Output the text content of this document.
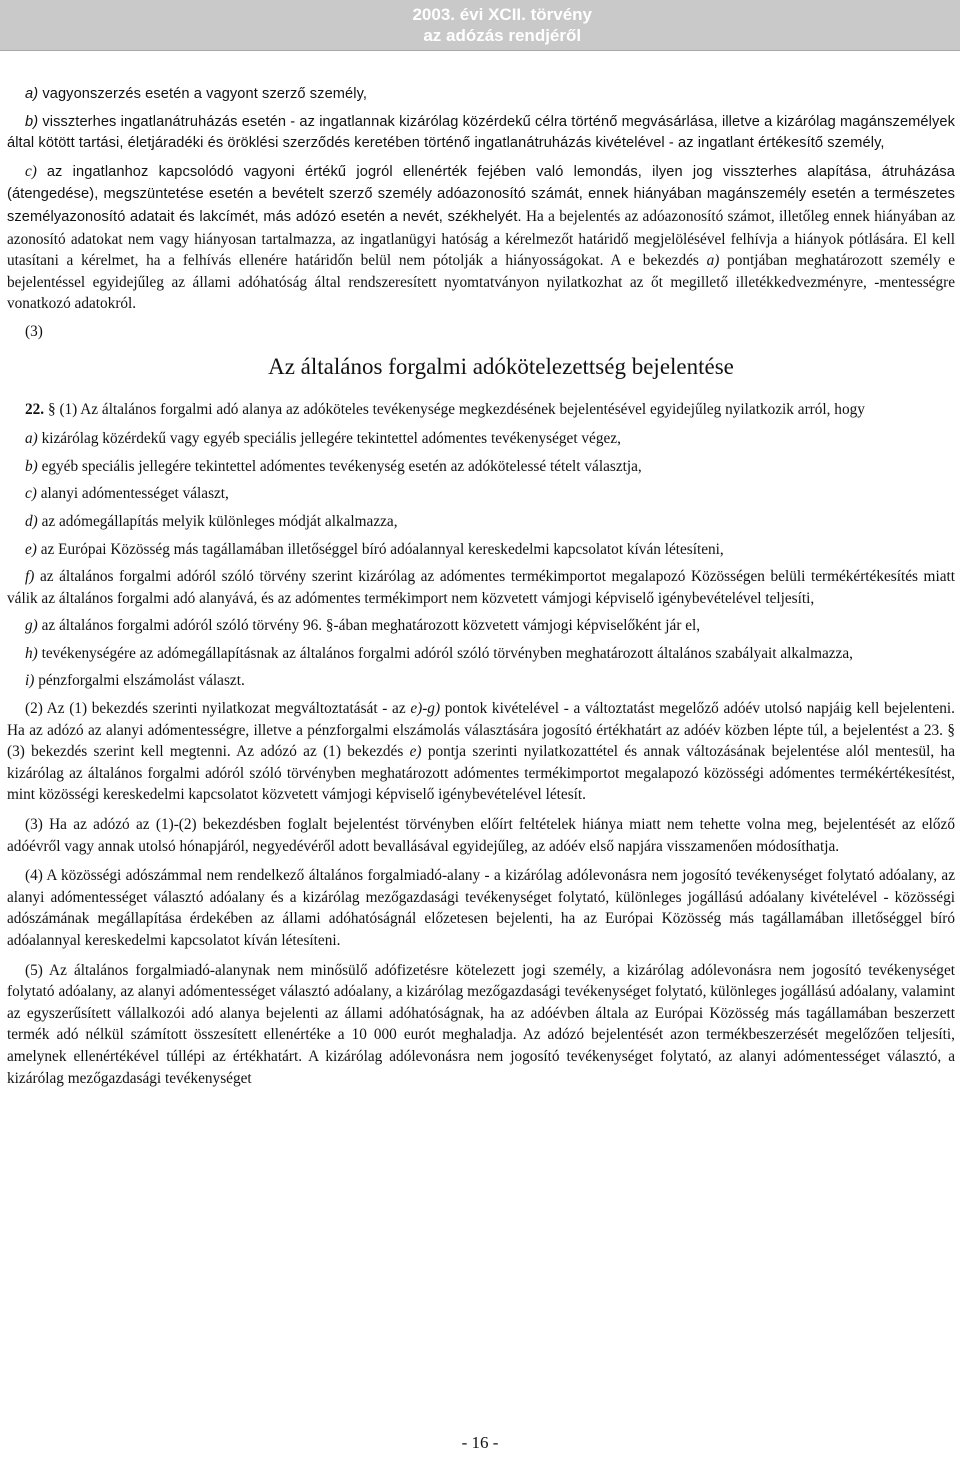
2003. évi XCII. törvény
az adózás rendjéről

a) vagyonszerzés esetén a vagyont szerző személy,

b) visszterhes ingatlanátruházás esetén - az ingatlannak kizárólag közérdekű célra történő megvásárlása, illetve a kizárólag magánszemélyek által kötött tartási, életjáradéki és öröklési szerződés keretében történő ingatlanátruházás kivételével - az ingatlant értékesítő személy,

c) az ingatlanhoz kapcsolódó vagyoni értékű jogról ellenérték fejében való lemondás, ilyen jog visszterhes alapítása, átruházása (átengedése), megszüntetése esetén a bevételt szerző személy adóazonosító számát, ennek hiányában magánszemély esetén a természetes személyazonosító adatait és lakcímét, más adózó esetén a nevét, székhelyét. Ha a bejelentés az adóazonosító számot, illetőleg ennek hiányában az azonosító adatokat nem vagy hiányosan tartalmazza, az ingatlanügyi hatóság a kérelmezőt határidő megjelölésével felhívja a hiányok pótlására. El kell utasítani a kérelmet, ha a felhívás ellenére határidőn belül nem pótolják a hiányosságokat. A e bekezdés a) pontjában meghatározott személy e bejelentéssel egyidejűleg az állami adóhatóság által rendszeresített nyomtatványon nyilatkozhat az őt megillető illetékkedvezményre, -mentességre vonatkozó adatokról.

(3)

Az általános forgalmi adókötelezettség bejelentése

22. § (1) Az általános forgalmi adó alanya az adóköteles tevékenysége megkezdésének bejelentésével egyidejűleg nyilatkozik arról, hogy

a) kizárólag közérdekű vagy egyéb speciális jellegére tekintettel adómentes tevékenységet végez,

b) egyéb speciális jellegére tekintettel adómentes tevékenység esetén az adókötelessé tételt választja,

c) alanyi adómentességet választ,

d) az adómegállapítás melyik különleges módját alkalmazza,

e) az Európai Közösség más tagállamában illetőséggel bíró adóalannyal kereskedelmi kapcsolatot kíván létesíteni,

f) az általános forgalmi adóról szóló törvény szerint kizárólag az adómentes termékimportot megalapozó Közösségen belüli termékértékesítés miatt válik az általános forgalmi adó alanyává, és az adómentes termékimport nem közvetett vámjogi képviselő igénybevételével teljesíti,

g) az általános forgalmi adóról szóló törvény 96. §-ában meghatározott közvetett vámjogi képviselőként jár el,

h) tevékenységére az adómegállapításnak az általános forgalmi adóról szóló törvényben meghatározott általános szabályait alkalmazza,

i) pénzforgalmi elszámolást választ.

(2) Az (1) bekezdés szerinti nyilatkozat megváltoztatását - az e)-g) pontok kivételével - a változtatást megelőző adóév utolsó napjáig kell bejelenteni. Ha az adózó az alanyi adómentességre, illetve a pénzforgalmi elszámolás választására jogosító értékhatárt az adóév közben lépte túl, a bejelentést a 23. § (3) bekezdés szerint kell megtenni. Az adózó az (1) bekezdés e) pontja szerinti nyilatkozattétel és annak változásának bejelentése alól mentesül, ha kizárólag az általános forgalmi adóról szóló törvényben meghatározott adómentes termékimportot megalapozó közösségi adómentes termékértékesítést, mint közösségi kereskedelmi kapcsolatot közvetett vámjogi képviselő igénybevételével létesít.

(3) Ha az adózó az (1)-(2) bekezdésben foglalt bejelentést törvényben előírt feltételek hiánya miatt nem tehette volna meg, bejelentését az előző adóévről vagy annak utolsó hónapjáról, negyedévéről adott bevallásával egyidejűleg, az adóév első napjára visszamenően módosíthatja.

(4) A közösségi adószámmal nem rendelkező általános forgalmiadó-alany - a kizárólag adólevonásra nem jogosító tevékenységet folytató adóalany, az alanyi adómentességet választó adóalany és a kizárólag mezőgazdasági tevékenységet folytató, különleges jogállású adóalany kivételével - közösségi adószámának megállapítása érdekében az állami adóhatóságnál előzetesen bejelenti, ha az Európai Közösség más tagállamában illetőséggel bíró adóalannyal kereskedelmi kapcsolatot kíván létesíteni.

(5) Az általános forgalmiadó-alanynak nem minősülő adófizetésre kötelezett jogi személy, a kizárólag adólevonásra nem jogosító tevékenységet folytató adóalany, az alanyi adómentességet választó adóalany, a kizárólag mezőgazdasági tevékenységet folytató, különleges jogállású adóalany, valamint az egyszerűsített vállalkozói adó alanya bejelenti az állami adóhatóságnak, ha az adóévben általa az Európai Közösség más tagállamában beszerzett termék adó nélkül számított összesített ellenértéke a 10 000 eurót meghaladja. Az adózó bejelentését azon termékbeszerzését megelőzően teljesíti, amelynek ellenértékével túllépi az értékhatárt. A kizárólag adólevonásra nem jogosító tevékenységet folytató, az alanyi adómentességet választó, a kizárólag mezőgazdasági tevékenységet

- 16 -
